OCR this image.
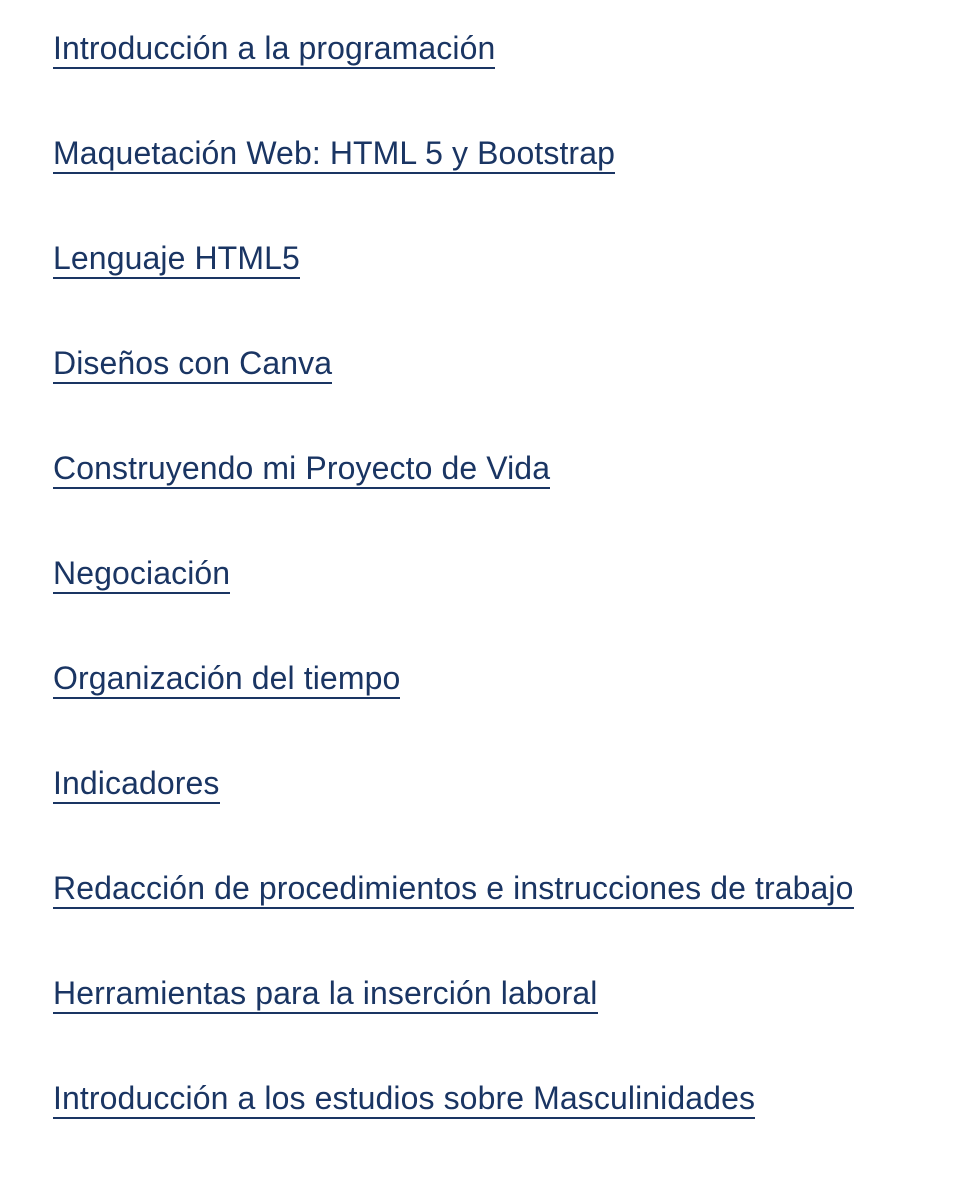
Introducción a la programación
Maquetación Web: HTML 5 y Bootstrap
Lenguaje HTML5
Diseños con Canva
Construyendo mi Proyecto de Vida
Negociación
Organización del tiempo
Indicadores
Redacción de procedimientos e instrucciones de trabajo
Herramientas para la inserción laboral
Introducción a los estudios sobre Masculinidades
